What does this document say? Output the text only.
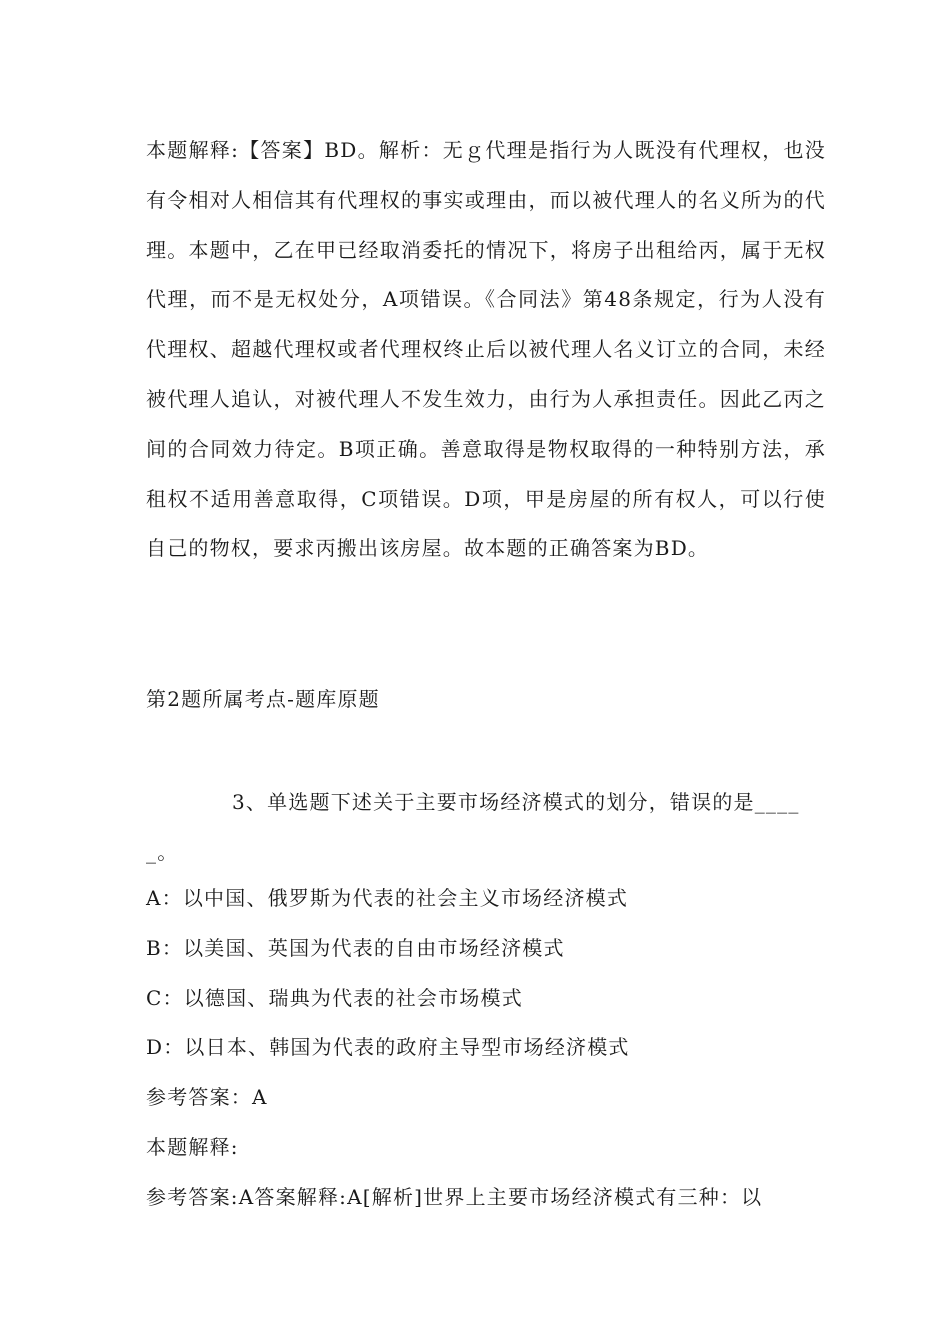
本题解释:【答案】BD。解析：无ｇ代理是指行为人既没有代理权，也没有令相对人相信其有代理权的事实或理由，而以被代理人的名义所为的代理。本题中，乙在甲已经取消委托的情况下，将房子出租给丙，属于无权代理，而不是无权处分，A项错误。《合同法》第48条规定，行为人没有代理权、超越代理权或者代理权终止后以被代理人名义订立的合同，未经被代理人追认，对被代理人不发生效力，由行为人承担责任。因此乙丙之间的合同效力待定。B项正确。善意取得是物权取得的一种特别方法，承租权不适用善意取得，C项错误。D项，甲是房屋的所有权人，可以行使自己的物权，要求丙搬出该房屋。故本题的正确答案为BD。
第2题所属考点-题库原题
3、单选题下述关于主要市场经济模式的划分，错误的是_____。
A：以中国、俄罗斯为代表的社会主义市场经济模式
B：以美国、英国为代表的自由市场经济模式
C：以德国、瑞典为代表的社会市场模式
D：以日本、韩国为代表的政府主导型市场经济模式
参考答案：A
本题解释:
参考答案:A答案解释:A[解析]世界上主要市场经济模式有三种：以
